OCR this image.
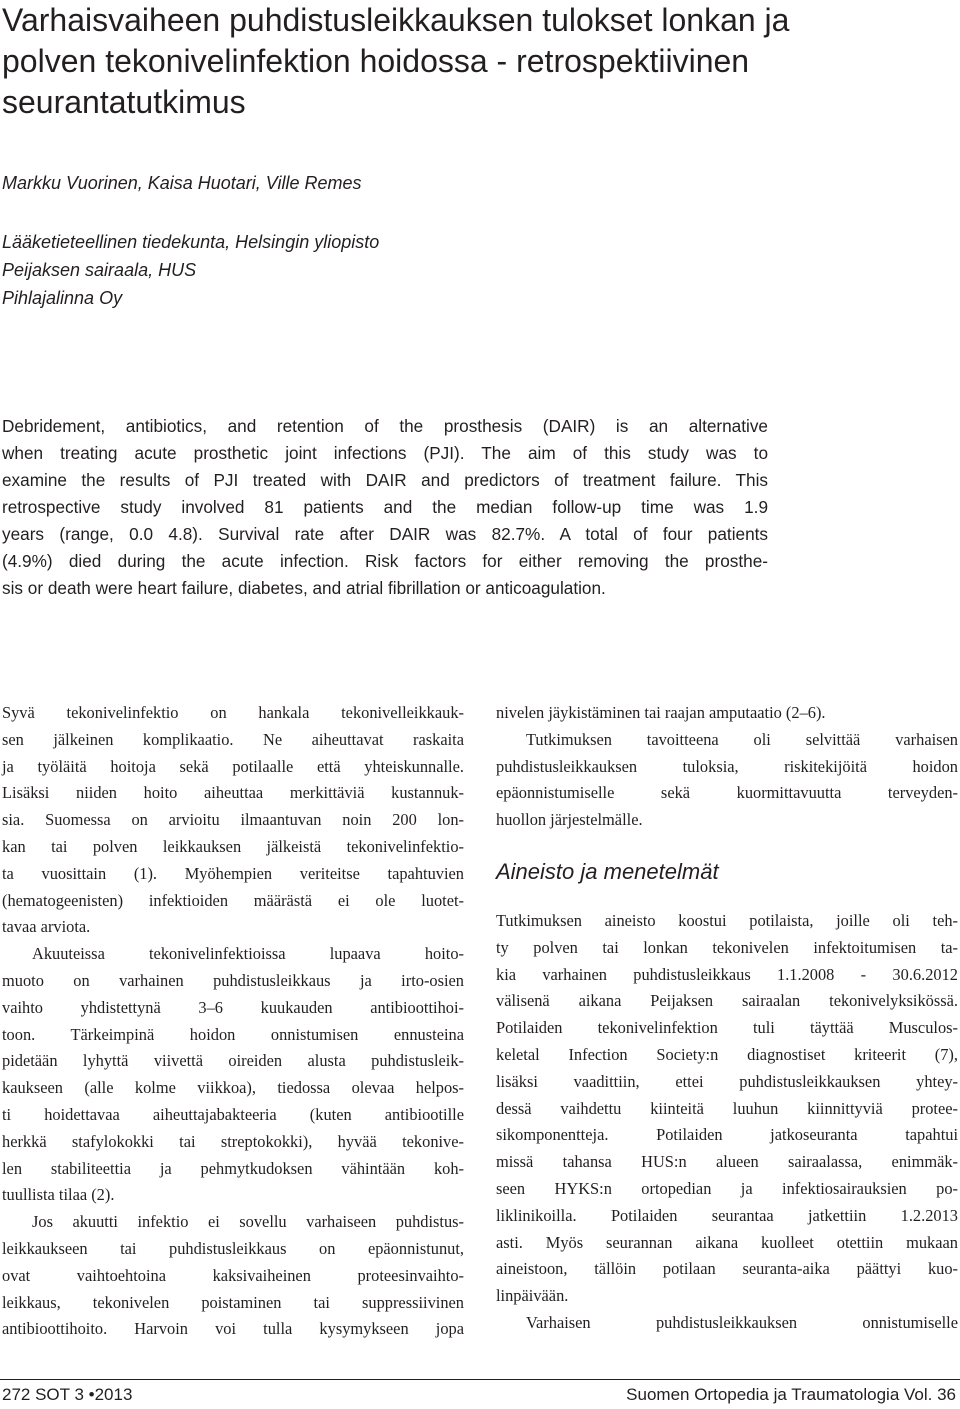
Varhaisvaiheen puhdistusleikkauksen tulokset lonkan ja
polven tekonivelinfektion hoidossa - retrospektiivinen
seurantatutkimus
Markku Vuorinen, Kaisa Huotari, Ville Remes
Lääketieteellinen tiedekunta, Helsingin yliopisto
Peijaksen sairaala, HUS
Pihlajalinna Oy
Debridement, antibiotics, and retention of the prosthesis (DAIR) is an alternative
when treating acute prosthetic joint infections (PJI). The aim of this study was to
examine the results of PJI treated with DAIR and predictors of treatment failure. This
retrospective study involved 81 patients and the median follow-up time was 1.9
years (range, 0.0 4.8). Survival rate after DAIR was 82.7%. A total of four patients
(4.9%) died during the acute infection. Risk factors for either removing the prosthe-
sis or death were heart failure, diabetes, and atrial fibrillation or anticoagulation.
Syvä tekonivelinfektio on hankala tekonivelleikkauk-
sen jälkeinen komplikaatio. Ne aiheuttavat raskaita
ja työläitä hoitoja sekä potilaalle että yhteiskunnalle.
Lisäksi niiden hoito aiheuttaa merkittäviä kustannuk-
sia. Suomessa on arvioitu ilmaantuvan noin 200 lon-
kan tai polven leikkauksen jälkeistä tekonivelinfektio-
ta vuosittain (1). Myöhempien veriteitse tapahtuvien
(hematogeenisten) infektioiden määrästä ei ole luotet-
tavaa arviota.
Akuuteissa tekonivelinfektioissa lupaava hoito-
muoto on varhainen puhdistusleikkaus ja irto-osien
vaihto yhdistettynä 3–6 kuukauden antibioottihoi-
toon. Tärkeimpinä hoidon onnistumisen ennusteina
pidetään lyhyttä viivettä oireiden alusta puhdistusleik-
kaukseen (alle kolme viikkoa), tiedossa olevaa helpos-
ti hoidettavaa aiheuttajabakteeria (kuten antibiootille
herkkä stafylokokki tai streptokokki), hyvää tekonive-
len stabiliteettia ja pehmytkudoksen vähintään koh-
tuullista tilaa (2).
Jos akuutti infektio ei sovellu varhaiseen puhdistus-
leikkaukseen tai puhdistusleikkaus on epäonnistunut,
ovat vaihtoehtoina kaksivaiheinen proteesinvaihto-
leikkaus, tekonivelen poistaminen tai suppressiivinen
antibioottihoito. Harvoin voi tulla kysymykseen jopa
nivelen jäykistäminen tai raajan amputaatio (2–6).
Tutkimuksen tavoitteena oli selvittää varhaisen
puhdistusleikkauksen tuloksia, riskitekijöitä hoidon
epäonnistumiselle sekä kuormittavuutta terveyden-
huollon järjestelmälle.
Aineisto ja menetelmät
Tutkimuksen aineisto koostui potilaista, joille oli teh-
ty polven tai lonkan tekonivelen infektoitumisen ta-
kia varhainen puhdistusleikkaus 1.1.2008 - 30.6.2012
välisenä aikana Peijaksen sairaalan tekonivelyksikössä.
Potilaiden tekonivelinfektion tuli täyttää Musculos-
keletal Infection Society:n diagnostiset kriteerit (7),
lisäksi vaadittiin, ettei puhdistusleikkauksen yhtey-
dessä vaihdettu kiinteitä luuhun kiinnittyviä protee-
sikomponentteja. Potilaiden jatkoseuranta tapahtui
missä tahansa HUS:n alueen sairaalassa, enimmäk-
seen HYKS:n ortopedian ja infektiosairauksien po-
liklinikoilla. Potilaiden seurantaa jatkettiin 1.2.2013
asti. Myös seurannan aikana kuolleet otettiin mukaan
aineistoon, tällöin potilaan seuranta-aika päättyi kuo-
linpäivään.
Varhaisen puhdistusleikkauksen onnistumiselle
272 SOT 3 •2013	Suomen Ortopedia ja Traumatologia Vol. 36
